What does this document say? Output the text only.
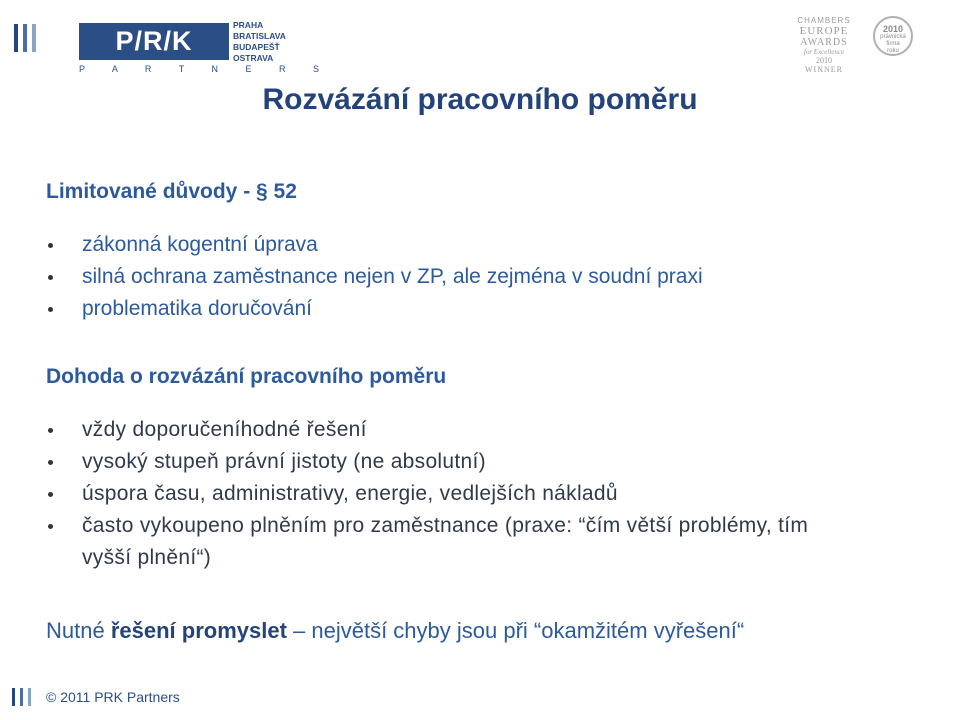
P/R/K
P A R T N E R S
PRAHA
BRATISLAVA
BUDAPEŠŤ
OSTRAVA
CHAMBERS
EUROPE
AWARDS
for Excellence
2010
WINNER
2010
právnická
firma
roku
Rozvázání pracovního poměru
Limitované důvody - § 52
zákonná kogentní úprava
silná ochrana zaměstnance nejen v ZP, ale zejména v soudní praxi
problematika doručování
Dohoda o rozvázání pracovního poměru
vždy doporučeníhodné řešení
vysoký stupeň právní jistoty (ne absolutní)
úspora času, administrativy, energie, vedlejších nákladů
často vykoupeno plněním pro zaměstnance (praxe: “čím větší problémy, tím vyšší plnění“)
Nutné řešení promyslet – největší chyby jsou při “okamžitém vyřešení“
© 2011 PRK Partners
